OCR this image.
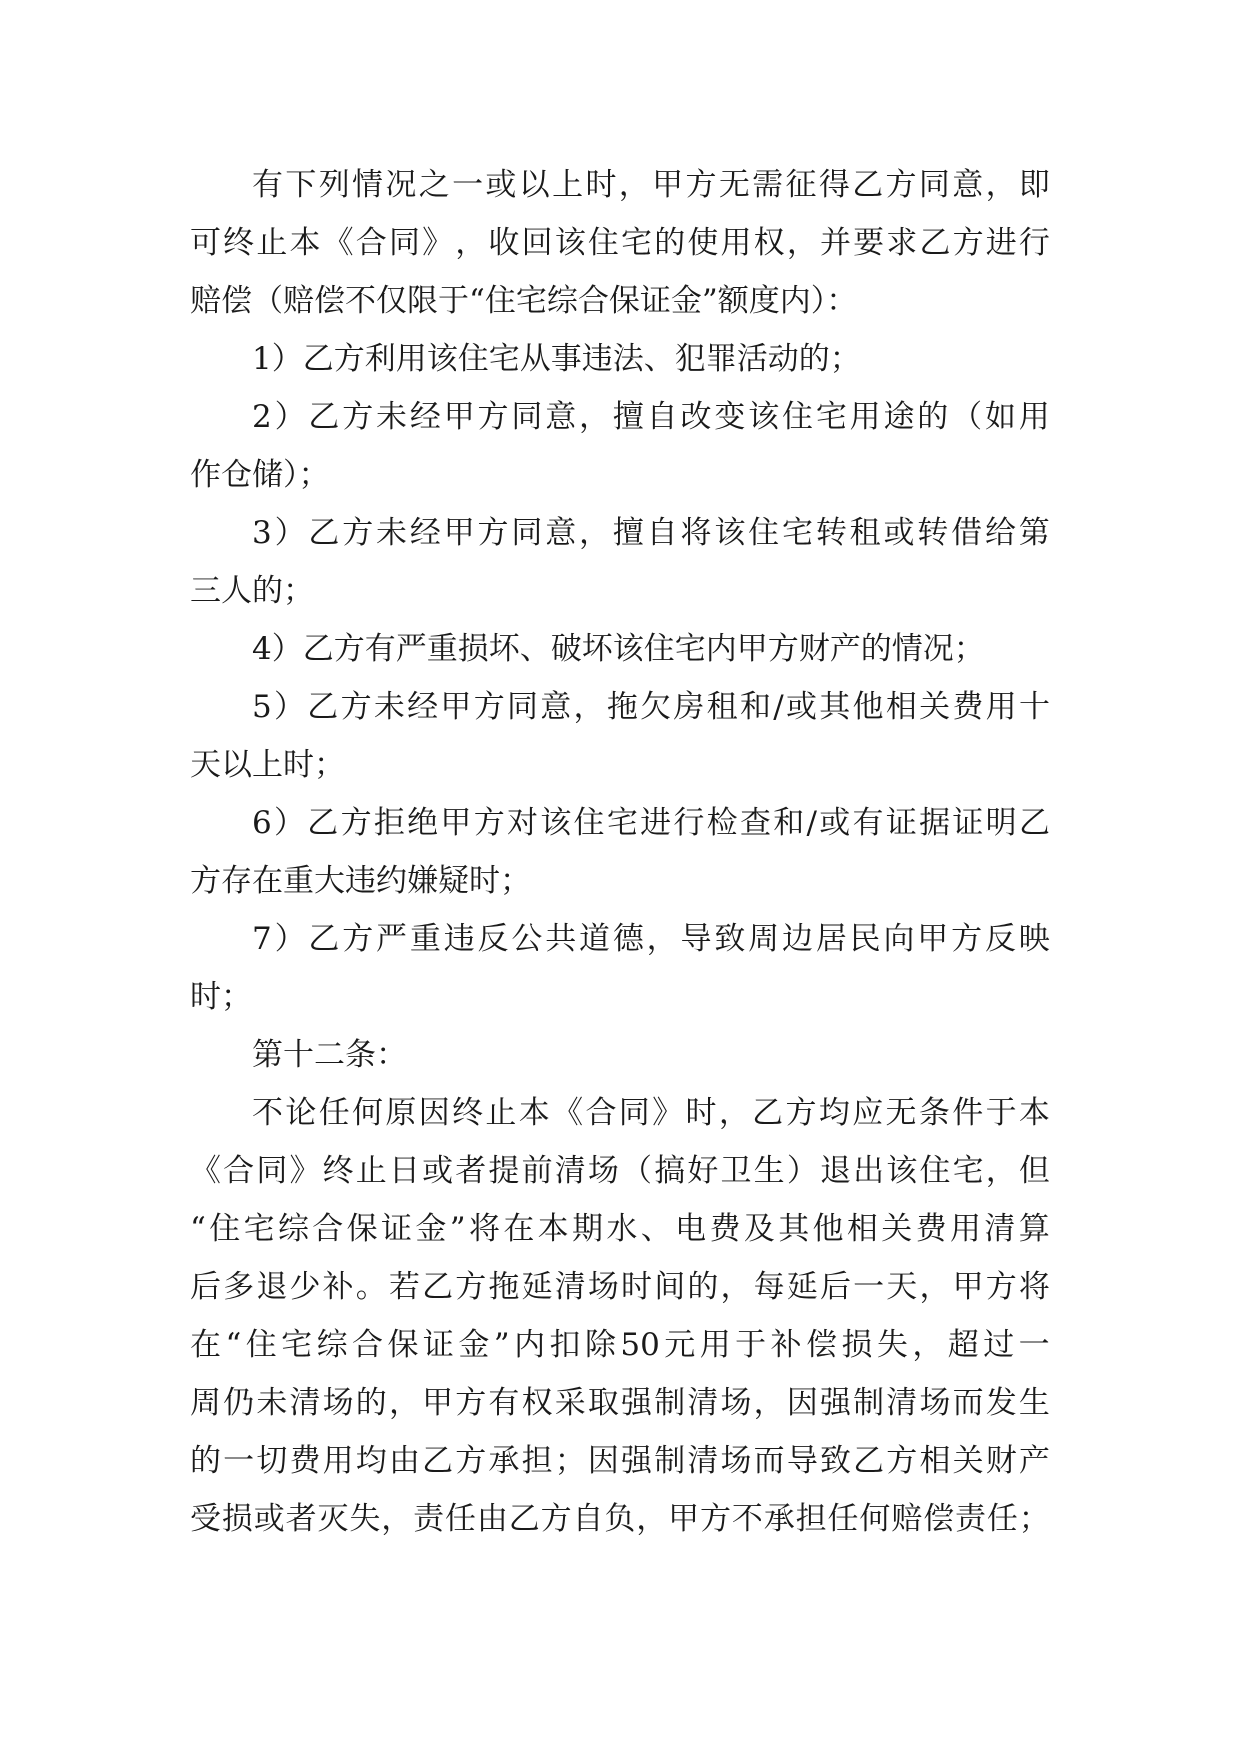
有 下 列 情 况 之 一 或 以 上 时 ， 甲 方 无 需 征 得 乙 方 同 意 ， 即
可 终 止 本 《 合 同 》 ， 收 回 该 住 宅 的 使 用 权 ， 并 要 求 乙 方 进 行
赔偿（赔偿不仅限于“住宅综合保证金”额度内）：
1）乙方利用该住宅从事违法、犯罪活动的；
2 ） 乙 方 未 经 甲 方 同 意 ， 擅 自 改 变 该 住 宅 用 途 的 （ 如 用
作仓储）；
3 ） 乙 方 未 经 甲 方 同 意 ， 擅 自 将 该 住 宅 转 租 或 转 借 给 第
三人的；
4）乙方有严重损坏、破坏该住宅内甲方财产的情况；
5 ） 乙 方 未 经 甲 方 同 意 ， 拖 欠 房 租 和 / 或 其 他 相 关 费 用 十
天以上时；
6 ） 乙 方 拒 绝 甲 方 对 该 住 宅 进 行 检 查 和 / 或 有 证 据 证 明 乙
方存在重大违约嫌疑时；
7 ） 乙 方 严 重 违 反 公 共 道 德 ， 导 致 周 边 居 民 向 甲 方 反 映
时；
第十二条：
不 论 任 何 原 因 终 止 本 《 合 同 》 时 ， 乙 方 均 应 无 条 件 于 本
《 合 同 》 终 止 日 或 者 提 前 清 场 （ 搞 好 卫 生 ） 退 出 该 住 宅 ， 但
“ 住 宅 综 合 保 证 金 ” 将 在 本 期 水 、 电 费 及 其 他 相 关 费 用 清 算
后 多 退 少 补 。 若 乙 方 拖 延 清 场 时 间 的 ， 每 延 后 一 天 ， 甲 方 将
在 “ 住 宅 综 合 保 证 金 ” 内 扣 除 50 元 用 于 补 偿 损 失 ， 超 过 一
周 仍 未 清 场 的 ， 甲 方 有 权 采 取 强 制 清 场 ， 因 强 制 清 场 而 发 生
的 一 切 费 用 均 由 乙 方 承 担 ； 因 强 制 清 场 而 导 致 乙 方 相 关 财 产
受 损 或 者 灭 失 ， 责 任 由 乙 方 自 负 ， 甲 方 不 承 担 任 何 赔 偿 责 任 ；
